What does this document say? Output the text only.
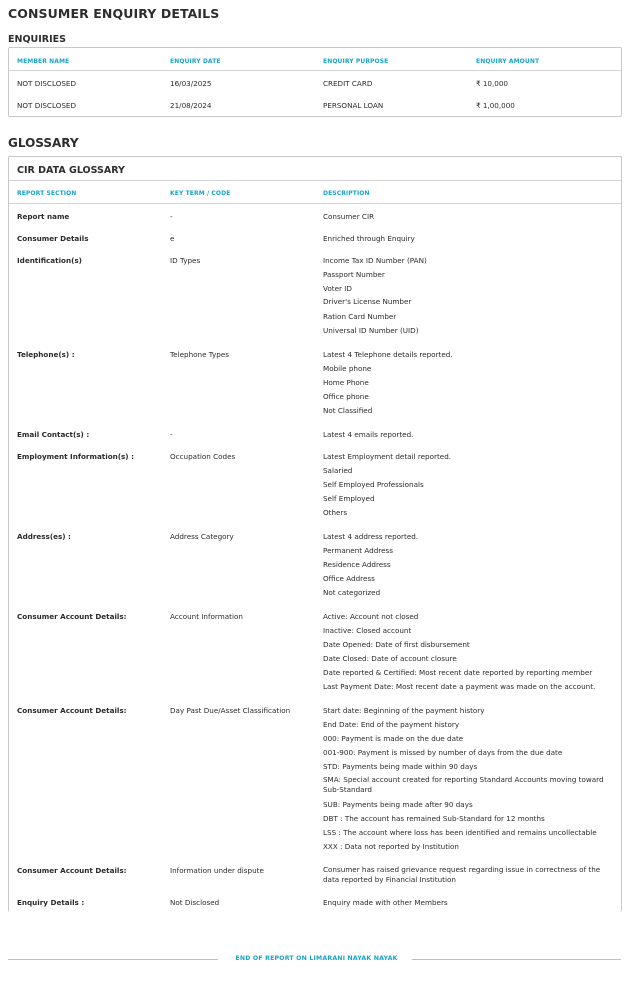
CONSUMER ENQUIRY DETAILS
ENQUIRIES
MEMBER NAME	ENQUIRY DATE	ENQUIRY PURPOSE	ENQUIRY AMOUNT
NOT DISCLOSED	16/03/2025	CREDIT CARD	₹ 10,000
NOT DISCLOSED	21/08/2024	PERSONAL LOAN	₹ 1,00,000
GLOSSARY
CIR DATA GLOSSARY
REPORT SECTION	KEY TERM / CODE	DESCRIPTION
Report name	-	Consumer CIR
Consumer Details	e	Enriched through Enquiry
Identification(s)	ID Types	Income Tax ID Number (PAN)
Passport Number
Voter ID
Driver's License Number
Ration Card Number
Universal ID Number (UID)
Telephone(s) :	Telephone Types	Latest 4 Telephone details reported.
Mobile phone
Home Phone
Office phone
Not Classified
Email Contact(s) :	-	Latest 4 emails reported.
Employment Information(s) :	Occupation Codes	Latest Employment detail reported.
Salaried
Self Employed Professionals
Self Employed
Others
Address(es) :	Address Category	Latest 4 address reported.
Permanent Address
Residence Address
Office Address
Not categorized
Consumer Account Details:	Account Information	Active: Account not closed
Inactive: Closed account
Date Opened: Date of first disbursement
Date Closed: Date of account closure
Date reported & Certified: Most recent date reported by reporting member
Last Payment Date: Most recent date a payment was made on the account.
Consumer Account Details:	Day Past Due/Asset Classification	Start date: Beginning of the payment history
End Date: End of the payment history
000: Payment is made on the due date
001-900: Payment is missed by number of days from the due date
STD: Payments being made within 90 days
SMA: Special account created for reporting Standard Accounts moving toward Sub-Standard
SUB: Payments being made after 90 days
DBT : The account has remained Sub-Standard for 12 months
LSS : The account where loss has been identified and remains uncollectable
XXX : Data not reported by Institution
Consumer Account Details:	Information under dispute	Consumer has raised grievance request regarding issue in correctness of the data reported by Financial Institution
Enquiry Details :	Not Disclosed	Enquiry made with other Members
END OF REPORT ON LIMARANI NAYAK NAYAK
